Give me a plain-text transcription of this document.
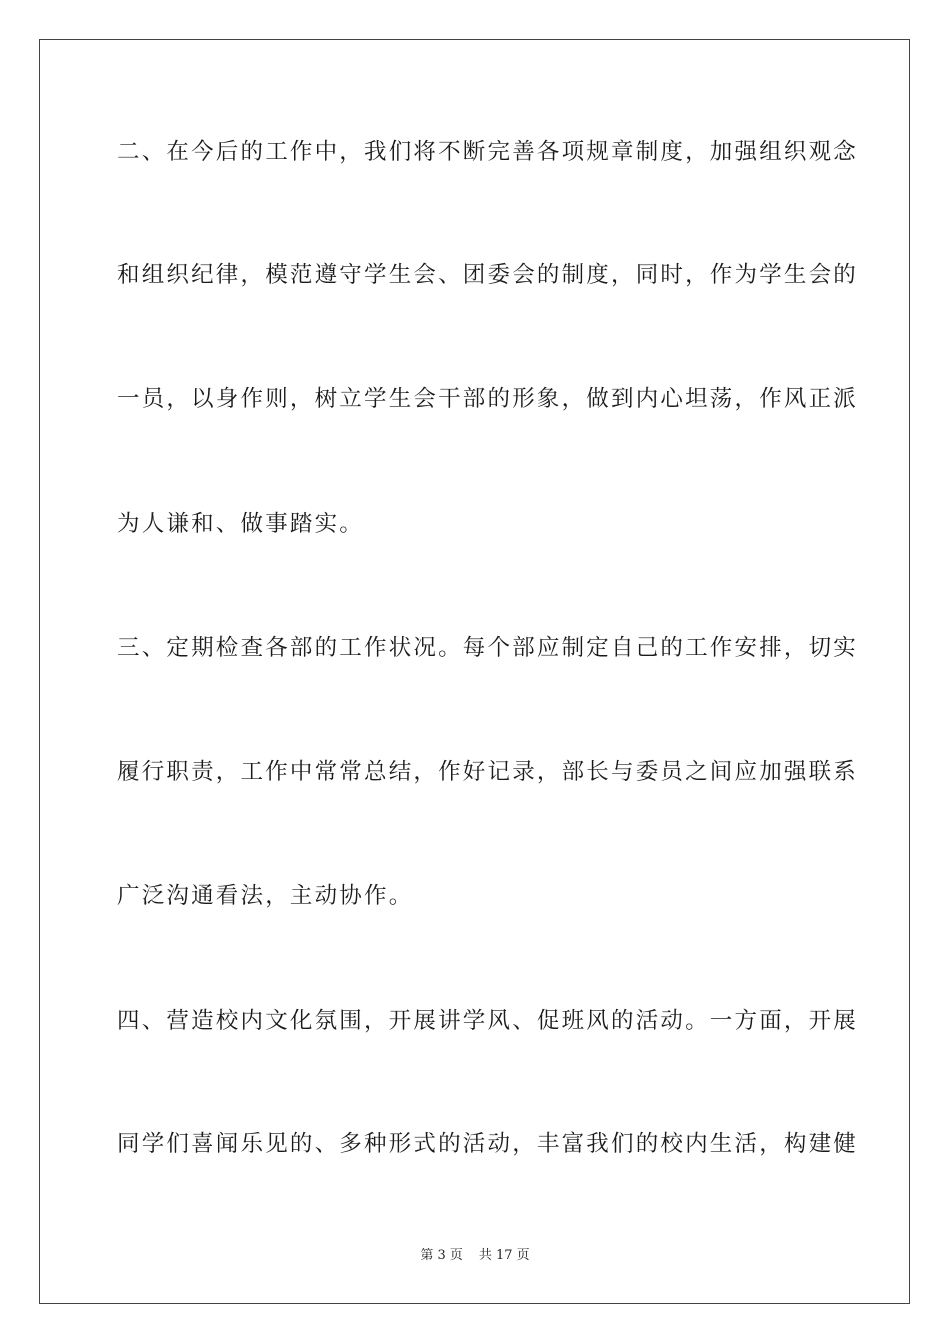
二、在今后的工作中，我们将不断完善各项规章制度，加强组织观念
和组织纪律，模范遵守学生会、团委会的制度，同时，作为学生会的
一员，以身作则，树立学生会干部的形象，做到内心坦荡，作风正派
为人谦和、做事踏实。
三、定期检查各部的工作状况。每个部应制定自己的工作安排，切实
履行职责，工作中常常总结，作好记录，部长与委员之间应加强联系
广泛沟通看法，主动协作。
四、营造校内文化氛围，开展讲学风、促班风的活动。一方面，开展
同学们喜闻乐见的、多种形式的活动，丰富我们的校内生活，构建健
第 3 页 共 17 页
